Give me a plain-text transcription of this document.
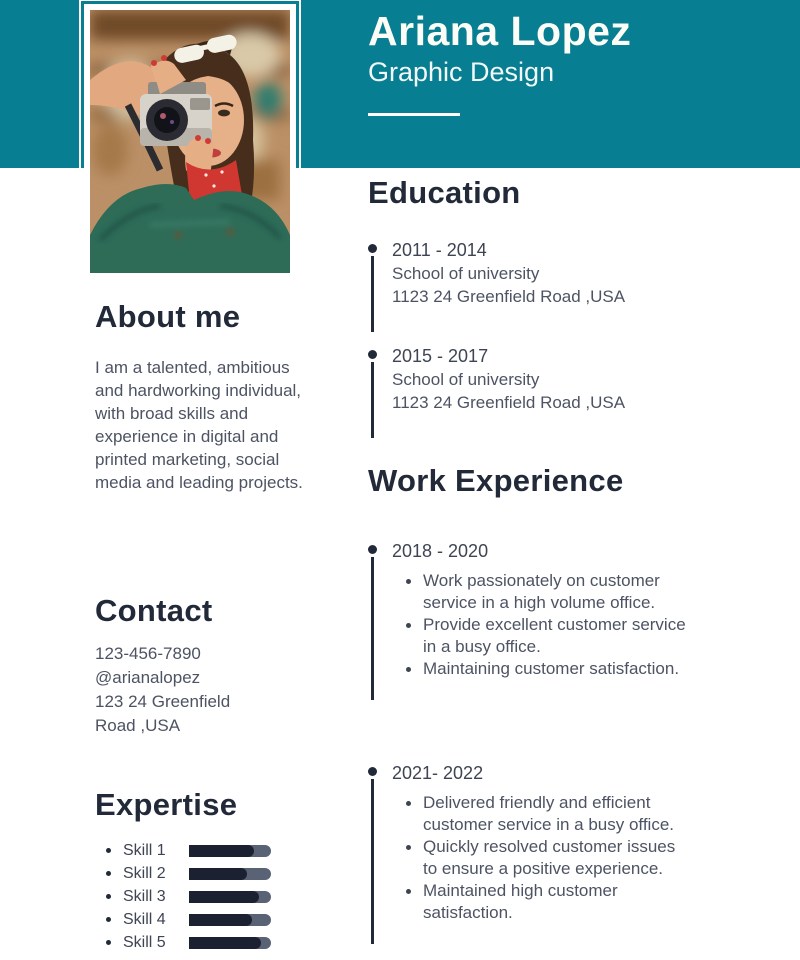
Ariana Lopez
Graphic Design
About me

I am a talented, ambitious and hardworking individual, with broad skills and experience in digital and printed marketing, social media and leading projects.

Contact

123-456-7890

@arianalopez

123 24 Greenfield Road ,USA

Expertise
Skill 1
Skill 2
Skill 3
Skill 4
Skill 5
Education
2011 - 2014
School of university
1123 24 Greenfield Road ,USA
2015 - 2017
School of university
1123 24 Greenfield Road ,USA
Work Experience
2018 - 2020
Work passionately on customer service in a high volume office.
Provide excellent customer service in a busy office.
Maintaining customer satisfaction.
2021- 2022
Delivered friendly and efficient customer service in a busy office.
Quickly resolved customer issues to ensure a positive experience.
Maintained high customer satisfaction.
